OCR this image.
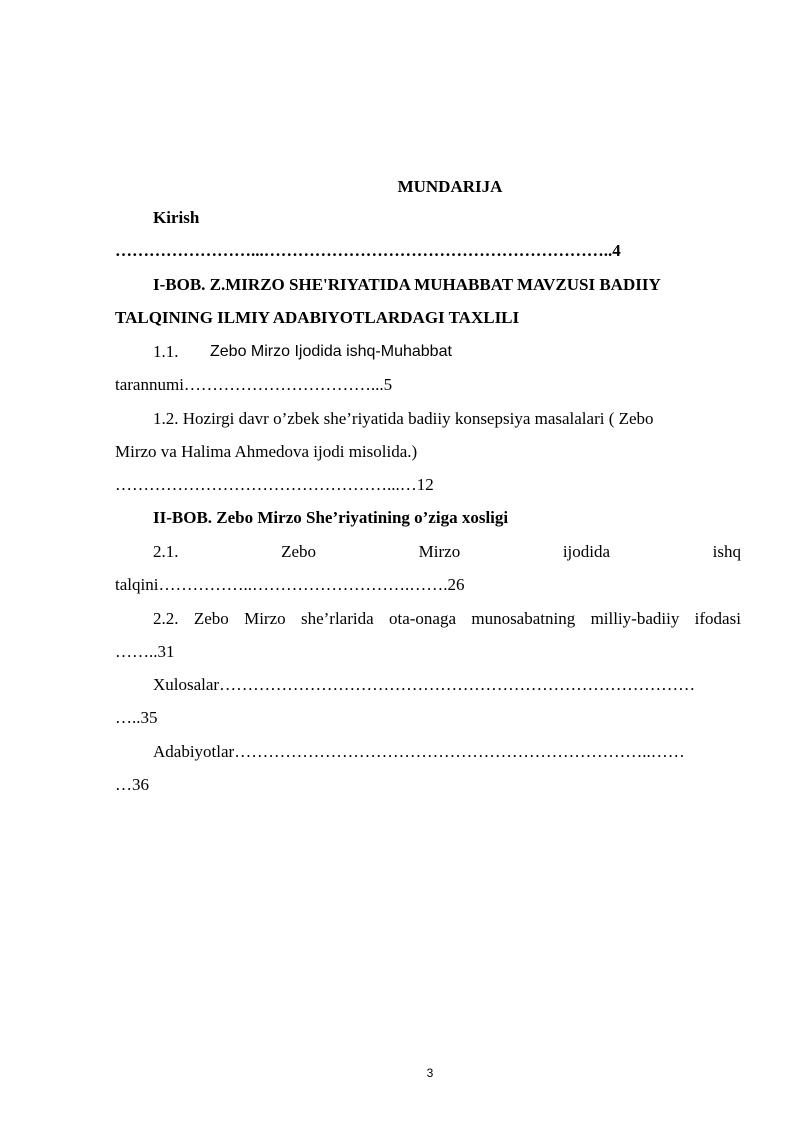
MUNDARIJA
Kirish
……………………...……………………………………………………..4
I-BOB. Z.MIRZO SHE'RIYATIDA MUHABBAT MAVZUSI BADIIY
TALQINING ILMIY ADABIYOTLARDAGI TAXLILI
1.1. Zebo Mirzo Ijodida ishq-Muhabbat
tarannumi……………………………...5
1.2. Hozirgi davr o’zbek she’riyatida badiiy konsepsiya masalalari ( Zebo
Mirzo va Halima Ahmedova ijodi misolida.)
…………………………………………...…12
II-BOB. Zebo Mirzo She’riyatining o’ziga xosligi
2.1.	Zebo	Mirzo	ijodida	ishq
talqini……………..……………………….…….26
2.2. Zebo Mirzo she’rlarida ota-onaga munosabatning milliy-badiiy ifodasi
……..31
Xulosalar…………………………………………………………………………
…..35
Adabiyotlar………………………………………………………………..……
…36
3
